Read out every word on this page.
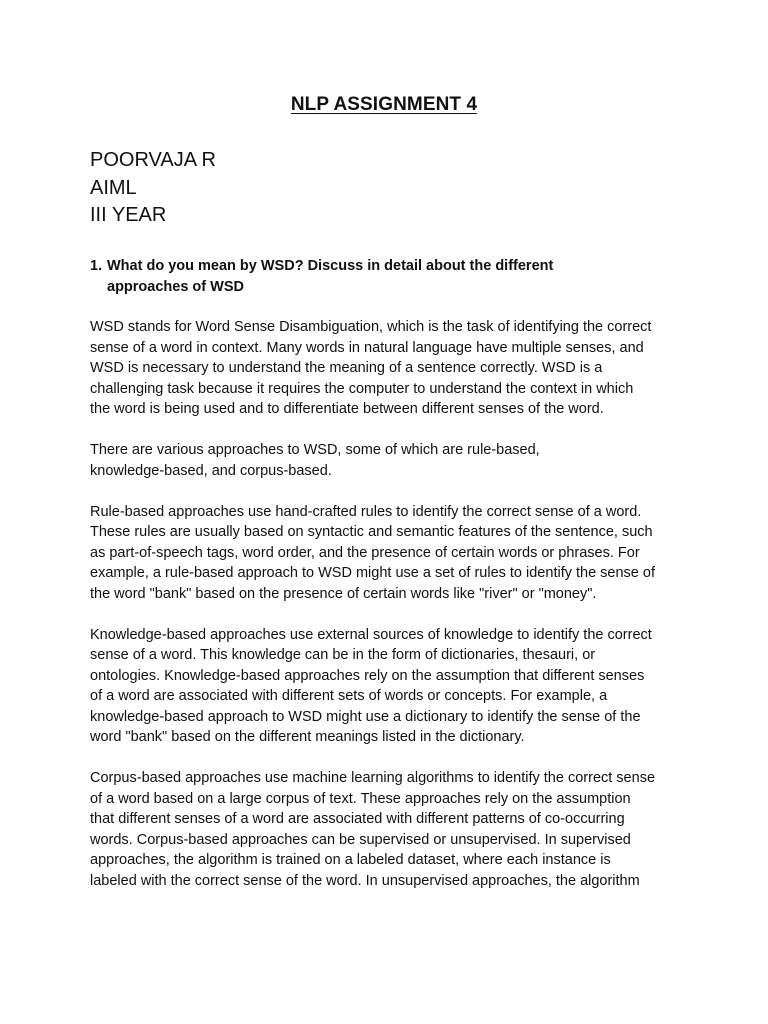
NLP ASSIGNMENT 4
POORVAJA R
AIML
III YEAR
1. What do you mean by WSD? Discuss in detail about the different
approaches of WSD

WSD stands for Word Sense Disambiguation, which is the task of identifying the correct
sense of a word in context. Many words in natural language have multiple senses, and
WSD is necessary to understand the meaning of a sentence correctly. WSD is a
challenging task because it requires the computer to understand the context in which
the word is being used and to differentiate between different senses of the word.

There are various approaches to WSD, some of which are rule-based,
knowledge-based, and corpus-based.

Rule-based approaches use hand-crafted rules to identify the correct sense of a word.
These rules are usually based on syntactic and semantic features of the sentence, such
as part-of-speech tags, word order, and the presence of certain words or phrases. For
example, a rule-based approach to WSD might use a set of rules to identify the sense of
the word "bank" based on the presence of certain words like "river" or "money".

Knowledge-based approaches use external sources of knowledge to identify the correct
sense of a word. This knowledge can be in the form of dictionaries, thesauri, or
ontologies. Knowledge-based approaches rely on the assumption that different senses
of a word are associated with different sets of words or concepts. For example, a
knowledge-based approach to WSD might use a dictionary to identify the sense of the
word "bank" based on the different meanings listed in the dictionary.

Corpus-based approaches use machine learning algorithms to identify the correct sense
of a word based on a large corpus of text. These approaches rely on the assumption
that different senses of a word are associated with different patterns of co-occurring
words. Corpus-based approaches can be supervised or unsupervised. In supervised
approaches, the algorithm is trained on a labeled dataset, where each instance is
labeled with the correct sense of the word. In unsupervised approaches, the algorithm
